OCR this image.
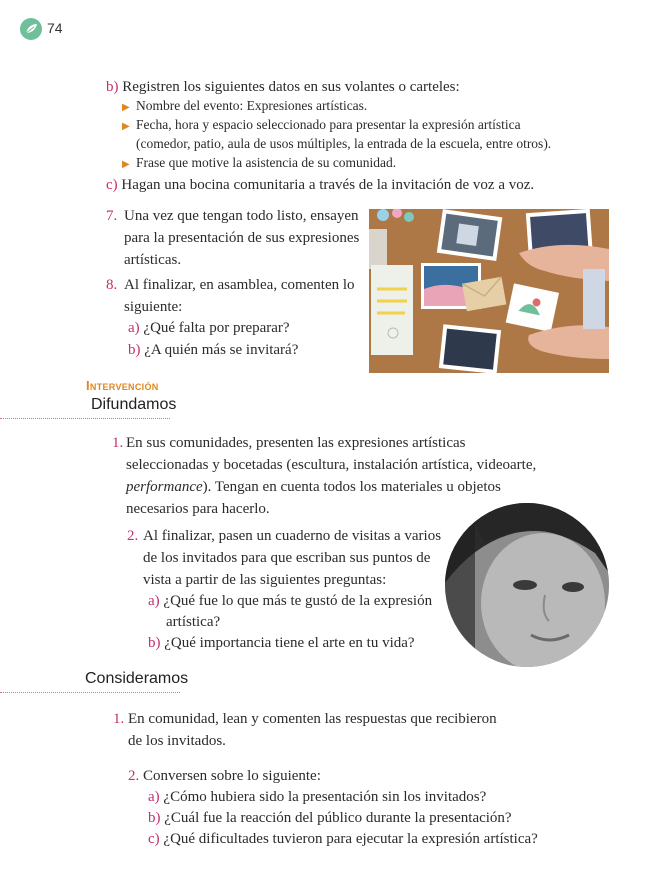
74
b) Registren los siguientes datos en sus volantes o carteles:
▶ Nombre del evento: Expresiones artísticas.
▶ Fecha, hora y espacio seleccionado para presentar la expresión artística
(comedor, patio, aula de usos múltiples, la entrada de la escuela, entre otros).
▶ Frase que motive la asistencia de su comunidad.
c) Hagan una bocina comunitaria a través de la invitación de voz a voz.
7. Una vez que tengan todo listo, ensayen
para la presentación de sus expresiones
artísticas.
8. Al finalizar, en asamblea, comenten lo
siguiente:
a) ¿Qué falta por preparar?
b) ¿A quién más se invitará?
Intervención
Difundamos
1. En sus comunidades, presenten las expresiones artísticas
seleccionadas y bocetadas (escultura, instalación artística, videoarte,
performance). Tengan en cuenta todos los materiales u objetos
necesarios para hacerlo.
2. Al finalizar, pasen un cuaderno de visitas a varios
de los invitados para que escriban sus puntos de
vista a partir de las siguientes preguntas:
a) ¿Qué fue lo que más te gustó de la expresión
artística?
b) ¿Qué importancia tiene el arte en tu vida?
Consideramos
1. En comunidad, lean y comenten las respuestas que recibieron
de los invitados.
2. Conversen sobre lo siguiente:
a) ¿Cómo hubiera sido la presentación sin los invitados?
b) ¿Cuál fue la reacción del público durante la presentación?
c) ¿Qué dificultades tuvieron para ejecutar la expresión artística?
